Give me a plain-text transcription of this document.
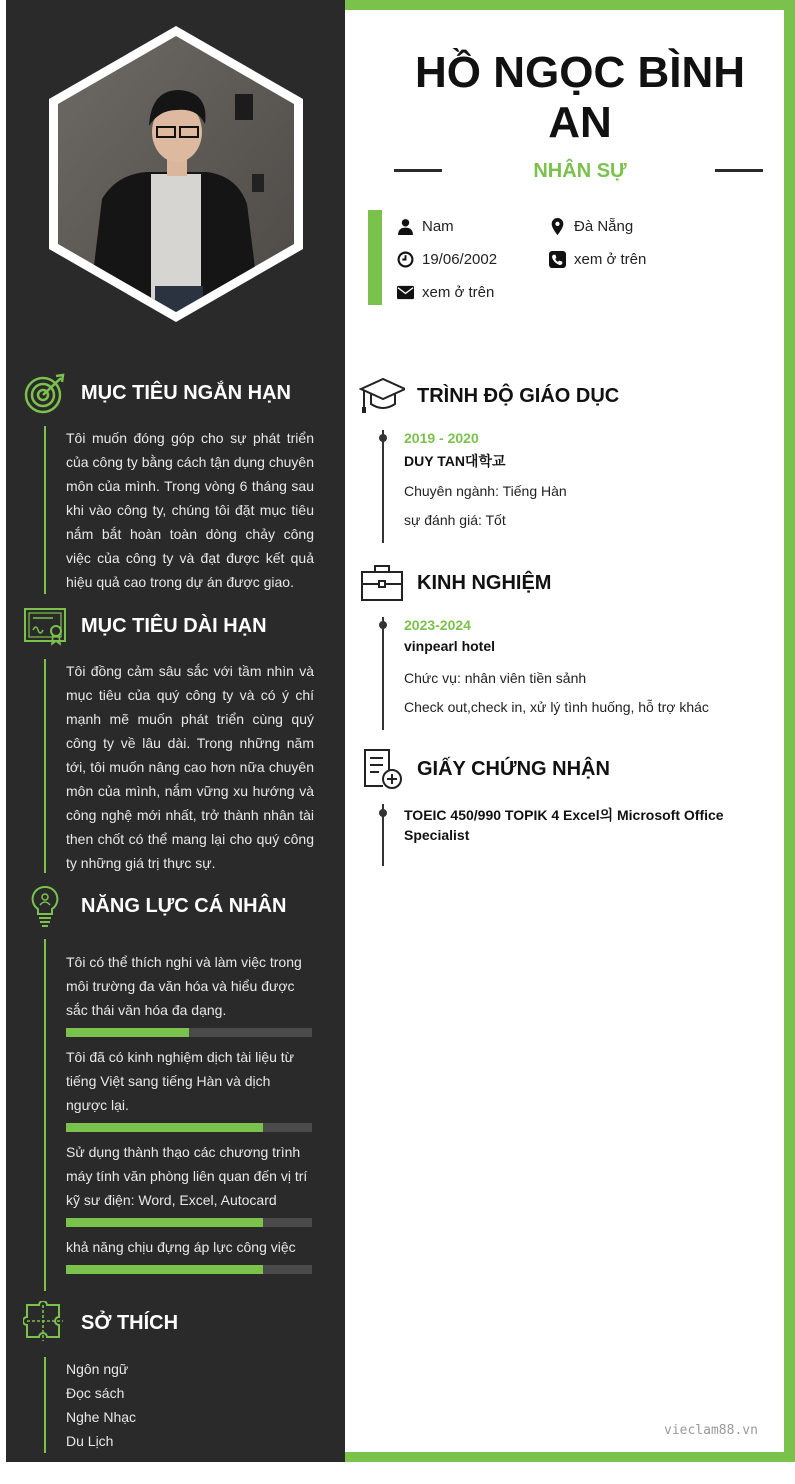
MỤC TIÊU NGẮN HẠN
Tôi muốn đóng góp cho sự phát triển của công ty bằng cách tận dụng chuyên môn của mình. Trong vòng 6 tháng sau khi vào công ty, chúng tôi đặt mục tiêu nắm bắt hoàn toàn dòng chảy công việc của công ty và đạt được kết quả hiệu quả cao trong dự án được giao.
MỤC TIÊU DÀI HẠN
Tôi đồng cảm sâu sắc với tầm nhìn và mục tiêu của quý công ty và có ý chí mạnh mẽ muốn phát triển cùng quý công ty về lâu dài. Trong những năm tới, tôi muốn nâng cao hơn nữa chuyên môn của mình, nắm vững xu hướng và công nghệ mới nhất, trở thành nhân tài then chốt có thể mang lại cho quý công ty những giá trị thực sự.
NĂNG LỰC CÁ NHÂN
Tôi có thể thích nghi và làm việc trong môi trường đa văn hóa và hiểu được sắc thái văn hóa đa dạng.
Tôi đã có kinh nghiệm dịch tài liệu từ tiếng Việt sang tiếng Hàn và dịch ngược lại.
Sử dụng thành thạo các chương trình máy tính văn phòng liên quan đến vị trí kỹ sư điện: Word, Excel, Autocard
khả năng chịu đựng áp lực công việc
SỞ THÍCH
Ngôn ngữ
Đọc sách
Nghe Nhạc
Du Lịch
HỒ NGỌC BÌNH AN
NHÂN SỰ
Nam	Đà Nẵng
19/06/2002	xem ở trên
xem ở trên
TRÌNH ĐỘ GIÁO DỤC
2019 - 2020
DUY TAN대학교
Chuyên ngành: Tiếng Hàn
sự đánh giá: Tốt
KINH NGHIỆM
2023-2024
vinpearl hotel
Chức vụ: nhân viên tiền sảnh
Check out,check in, xử lý tình huống, hỗ trợ khác
GIẤY CHỨNG NHẬN
TOEIC 450/990 TOPIK 4 Excel의 Microsoft Office Specialist
vieclam88.vn
